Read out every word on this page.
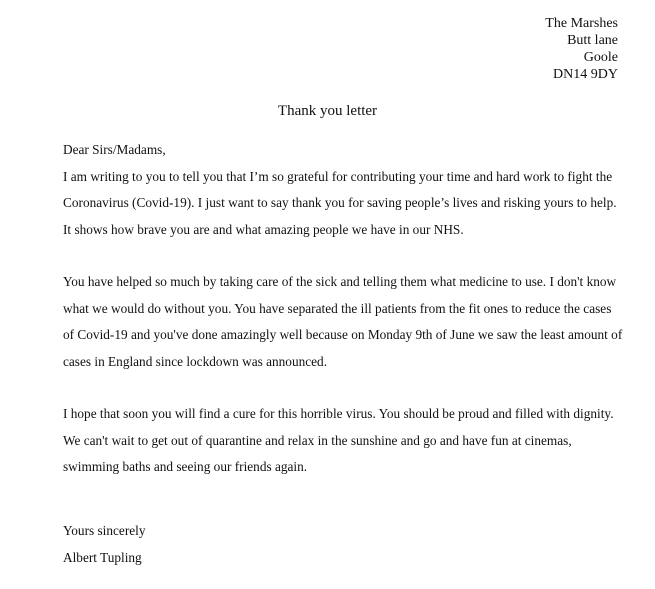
The Marshes
Butt lane
Goole
DN14 9DY
Thank you letter

Dear Sirs/Madams,

I am writing to you to tell you that I’m so grateful for contributing your time and hard work to fight the Coronavirus (Covid-19). I just want to say thank you for saving people’s lives and risking yours to help. It shows how brave you are and what amazing people we have in our NHS.

You have helped so much by taking care of the sick and telling them what medicine to use. I don't know what we would do without you. You have separated the ill patients from the fit ones to reduce the cases of Covid-19 and you've done amazingly well because on Monday 9th of June we saw the least amount of cases in England since lockdown was announced.

I hope that soon you will find a cure for this horrible virus. You should be proud and filled with dignity. We can't wait to get out of quarantine and relax in the sunshine and go and have fun at cinemas, swimming baths and seeing our friends again.

Yours sincerely
Albert Tupling
